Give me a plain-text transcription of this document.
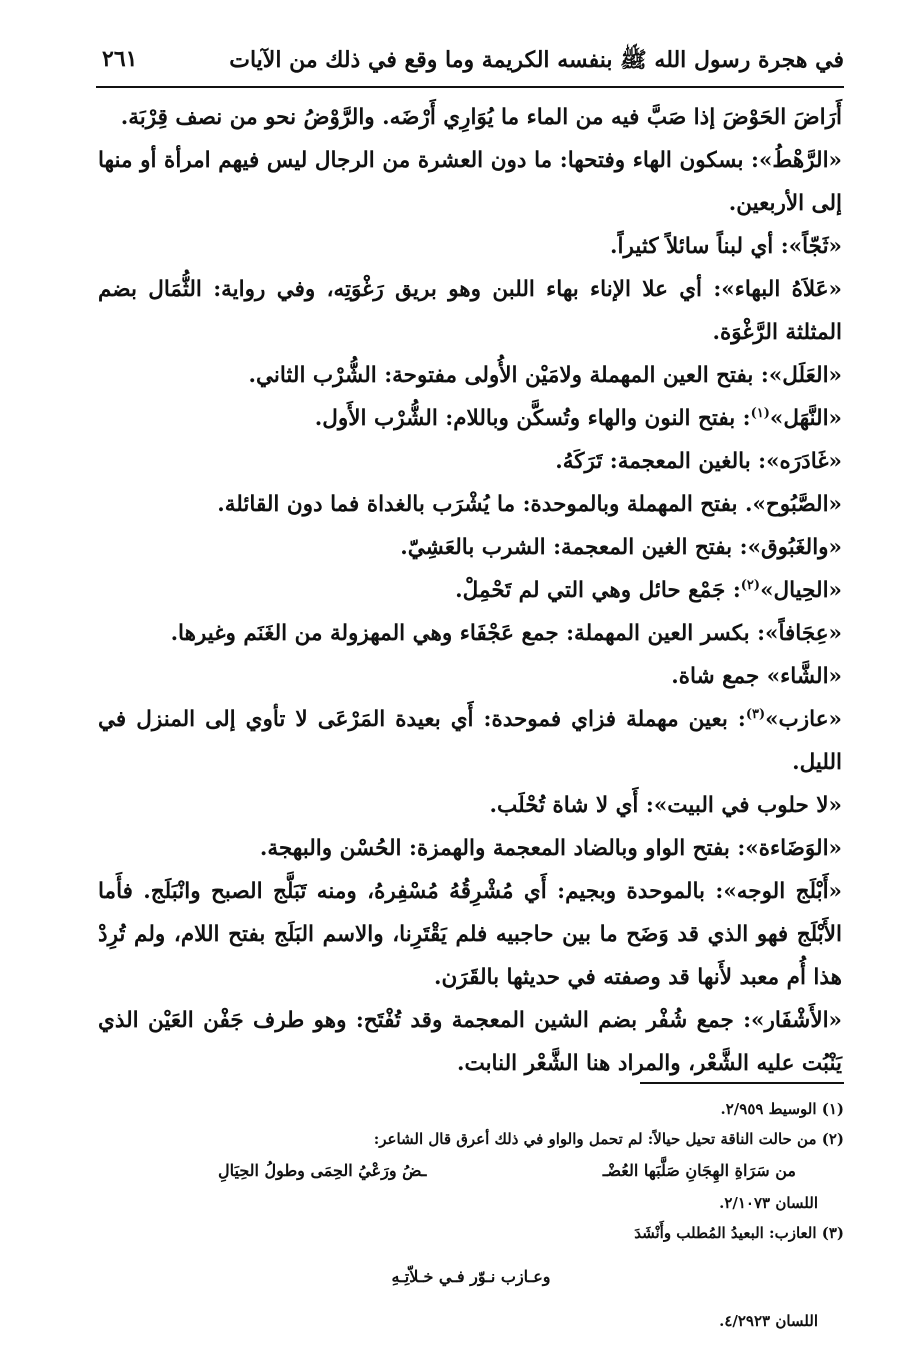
في هجرة رسول الله ﷺ بنفسه الكريمة وما وقع في ذلك من الآيات
٢٦١
أَرَاضَ الحَوْضَ إذا صَبَّ فيه من الماء ما يُوَارِي أَرْضَه. والرَّوْضُ نحو من نصف قِرْبَة.
«الرَّهْطُ»: بسكون الهاء وفتحها: ما دون العشرة من الرجال ليس فيهم امرأة أو منها إلى الأربعين.
«ثَجّاً»: أي لبناً سائلاً كثيراً.
«عَلاَهُ البهاء»: أي علا الإناء بهاء اللبن وهو بريق رَغْوَتِه، وفي رواية: الثُّمَال بضم المثلثة الرَّغْوَة.
«العَلَل»: بفتح العين المهملة ولامَيْن الأُولى مفتوحة: الشُّرْب الثاني.
«النَّهَل»$^{(١)}$: بفتح النون والهاء وتُسكَّن وباللام: الشُّرْب الأَول.
«غَادَرَه»: بالغين المعجمة: تَرَكَهُ.
«الصَّبُوح». بفتح المهملة وبالموحدة: ما يُشْرَب بالغداة فما دون القائلة.
«والغَبُوق»: بفتح الغين المعجمة: الشرب بالعَشِيّ.
«الحِيال»$^{(٢)}$: جَمْع حائل وهي التي لم تَحْمِلْ.
«عِجَافاً»: بكسر العين المهملة: جمع عَجْفَاء وهي المهزولة من الغَنَم وغيرها.
«الشَّاء» جمع شاة.
«عازب»$^{(٣)}$: بعين مهملة فزاي فموحدة: أَي بعيدة المَرْعَى لا تأوي إلى المنزل في الليل.
«لا حلوب في البيت»: أَي لا شاة تُحْلَب.
«الوَضَاءة»: بفتح الواو وبالضاد المعجمة والهمزة: الحُسْن والبهجة.
«أَبْلَج الوجه»: بالموحدة وبجيم: أَي مُشْرِقُهُ مُسْفِرهُ، ومنه تَبَلَّج الصبح وانْبَلَج. فأَما الأَبْلَج فهو الذي قد وَضَح ما بين حاجبيه فلم يَقْتَرِنا، والاسم البَلَج بفتح اللام، ولم تُرِدْ هذا أُم معبد لأَنها قد وصفته في حديثها بالقَرَن.
«الأَشْفَار»: جمع شُفْر بضم الشين المعجمة وقد تُفْتَح: وهو طرف جَفْن العَيْن الذي يَنْبُت عليه الشَّعْر، والمراد هنا الشَّعْر النابت.
(١) الوسيط ٢/٩٥٩.
(٢) من حالت الناقة تحيل حيالاً: لم تحمل والواو في ذلك أعرق قال الشاعر:
من سَرَاةِ الهِجَانِ صَلَّبَها العُضْـ
ـضُ ورَعْيُ الحِمَى وطولُ الحِيَالِ
اللسان ٢/١٠٧٣.
(٣) العازب: البعيدُ المُطلب وأَنْشَدَ
وعـازب نـوّر فـي خـلاّتِـهِ
اللسان ٤/٢٩٢٣.
